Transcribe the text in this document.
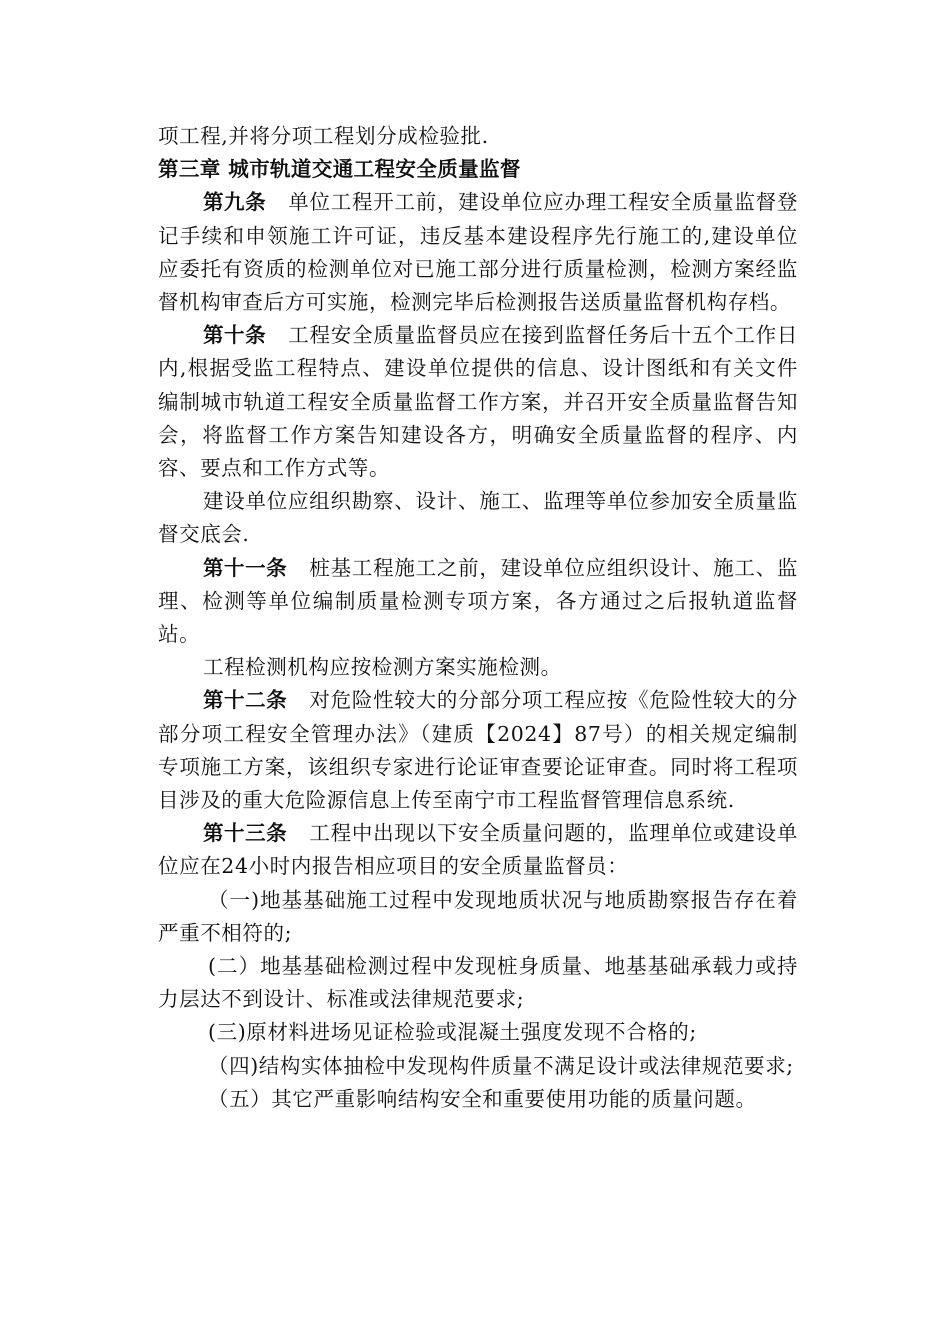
项工程,并将分项工程划分成检验批.
第三章 城市轨道交通工程安全质量监督

第九条 单位工程开工前，建设单位应办理工程安全质量监督登记手续和申领施工许可证，违反基本建设程序先行施工的,建设单位应委托有资质的检测单位对已施工部分进行质量检测，检测方案经监督机构审查后方可实施，检测完毕后检测报告送质量监督机构存档。

第十条 工程安全质量监督员应在接到监督任务后十五个工作日内,根据受监工程特点、建设单位提供的信息、设计图纸和有关文件编制城市轨道工程安全质量监督工作方案，并召开安全质量监督告知会，将监督工作方案告知建设各方，明确安全质量监督的程序、内容、要点和工作方式等。

建设单位应组织勘察、设计、施工、监理等单位参加安全质量监督交底会.

第十一条 桩基工程施工之前，建设单位应组织设计、施工、监理、检测等单位编制质量检测专项方案，各方通过之后报轨道监督站。

工程检测机构应按检测方案实施检测。

第十二条 对危险性较大的分部分项工程应按《危险性较大的分部分项工程安全管理办法》（建质【2024】87号）的相关规定编制专项施工方案，该组织专家进行论证审查要论证审查。同时将工程项目涉及的重大危险源信息上传至南宁市工程监督管理信息系统.

第十三条 工程中出现以下安全质量问题的，监理单位或建设单位应在24小时内报告相应项目的安全质量监督员：

（一)地基基础施工过程中发现地质状况与地质勘察报告存在着严重不相符的;

(二）地基基础检测过程中发现桩身质量、地基基础承载力或持力层达不到设计、标准或法律规范要求;

(三)原材料进场见证检验或混凝土强度发现不合格的;

（四)结构实体抽检中发现构件质量不满足设计或法律规范要求;

（五）其它严重影响结构安全和重要使用功能的质量问题。
